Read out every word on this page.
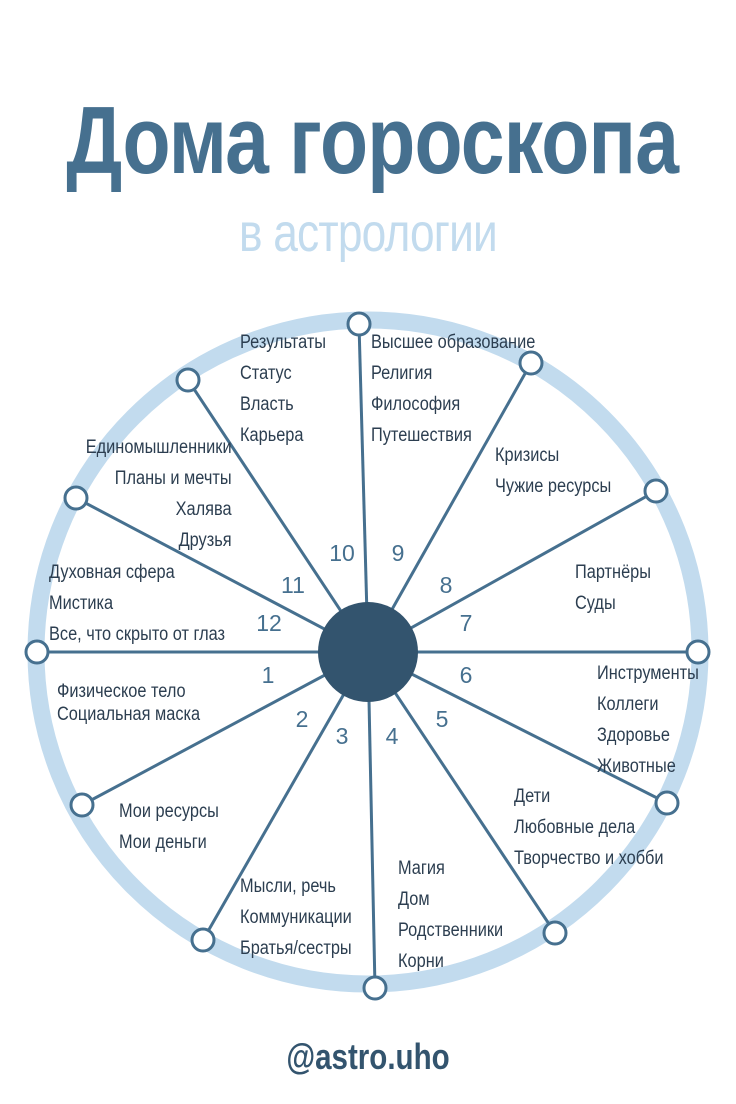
Дома гороскопа
в астрологии
Физическое тело
Социальная маска
Мои ресурсы
Мои деньги
Мысли, речь
Коммуникации
Братья/сестры
Магия
Дом
Родственники
Корни
Дети
Любовные дела
Творчество и хобби
Инструменты
Коллеги
Здоровье
Животные
Партнёры
Суды
Кризисы
Чужие ресурсы
Высшее образование
Религия
Философия
Путешествия
Результаты
Статус
Власть
Карьера
Единомышленники
Планы и мечты
Халява
Друзья
Духовная сфера
Мистика
Все, что скрыто от глаз
1
2
3	4
5
6
7
8
9
10
11
12
@astro.uho
